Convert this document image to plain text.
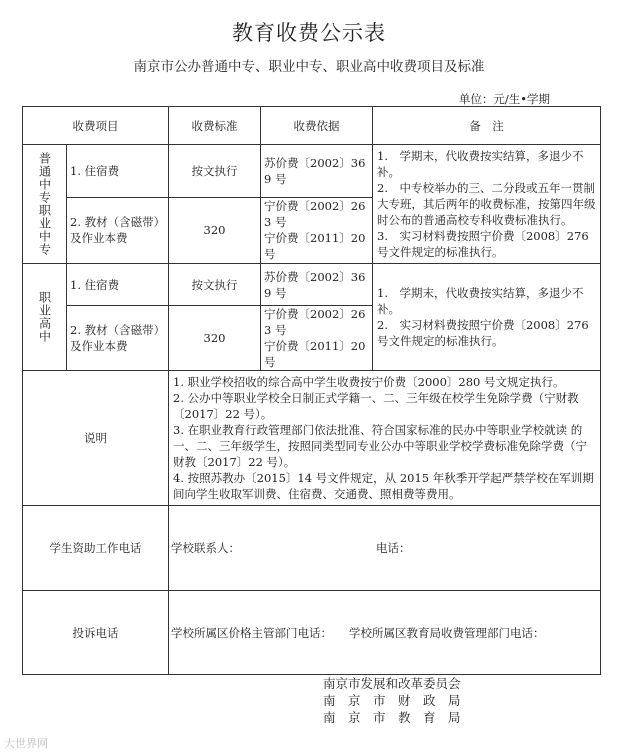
教育收费公示表
南京市公办普通中专、职业中专、职业高中收费项目及标准
单位：元/生•学期
收费项目		收费标准	收费依据	备　注
普通中专职业中专	1. 住宿费	按文执行	苏价费〔2002〕369 号	1.　学期末，代收费按实结算，多退少不补。
2.　中专校举办的三、二分段或五年一贯制大专班，其后两年的收费标准，按第四年级时公布的普通高校专科收费标准执行。
3.　实习材料费按照宁价费〔2008〕276 号文件规定的标准执行。

	2. 教材（含磁带）及作业本费	320	宁价费〔2002〕263 号
宁价费〔2011〕20 号	

职业高中	1. 住宿费	按文执行	苏价费〔2002〕369 号	1.　学期末，代收费按实结算，多退少不补。
2.　实习材料费按照宁价费〔2008〕276 号文件规定的标准执行。

	2. 教材（含磁带）及作业本费	320	宁价费〔2002〕263 号
宁价费〔2011〕20 号	

说明		1. 职业学校招收的综合高中学生收费按宁价费〔2000〕280 号文规定执行。
2. 公办中等职业学校全日制正式学籍一、二、三年级在校学生免除学费（宁财教〔2017〕22 号）。
3. 在职业教育行政管理部门依法批准、符合国家标准的民办中等职业学校就读 的一、二、三年级学生，按照同类型同专业公办中等职业学校学费标准免除学费（宁财教〔2017〕22 号）。
4. 按照苏教办〔2015〕14 号文件规定，从 2015 年秋季开学起严禁学校在军训期间向学生收取军训费、住宿费、交通费、照相费等费用。		

学生资助工作电话		学校联系人： 电话：		
投诉电话		学校所属区价格主管部门电话： 学校所属区教育局收费管理部门电话：		
南京市发展和改革委员会
南　京　市　财　政　局
南　京　市　教　育　局
大世界网
